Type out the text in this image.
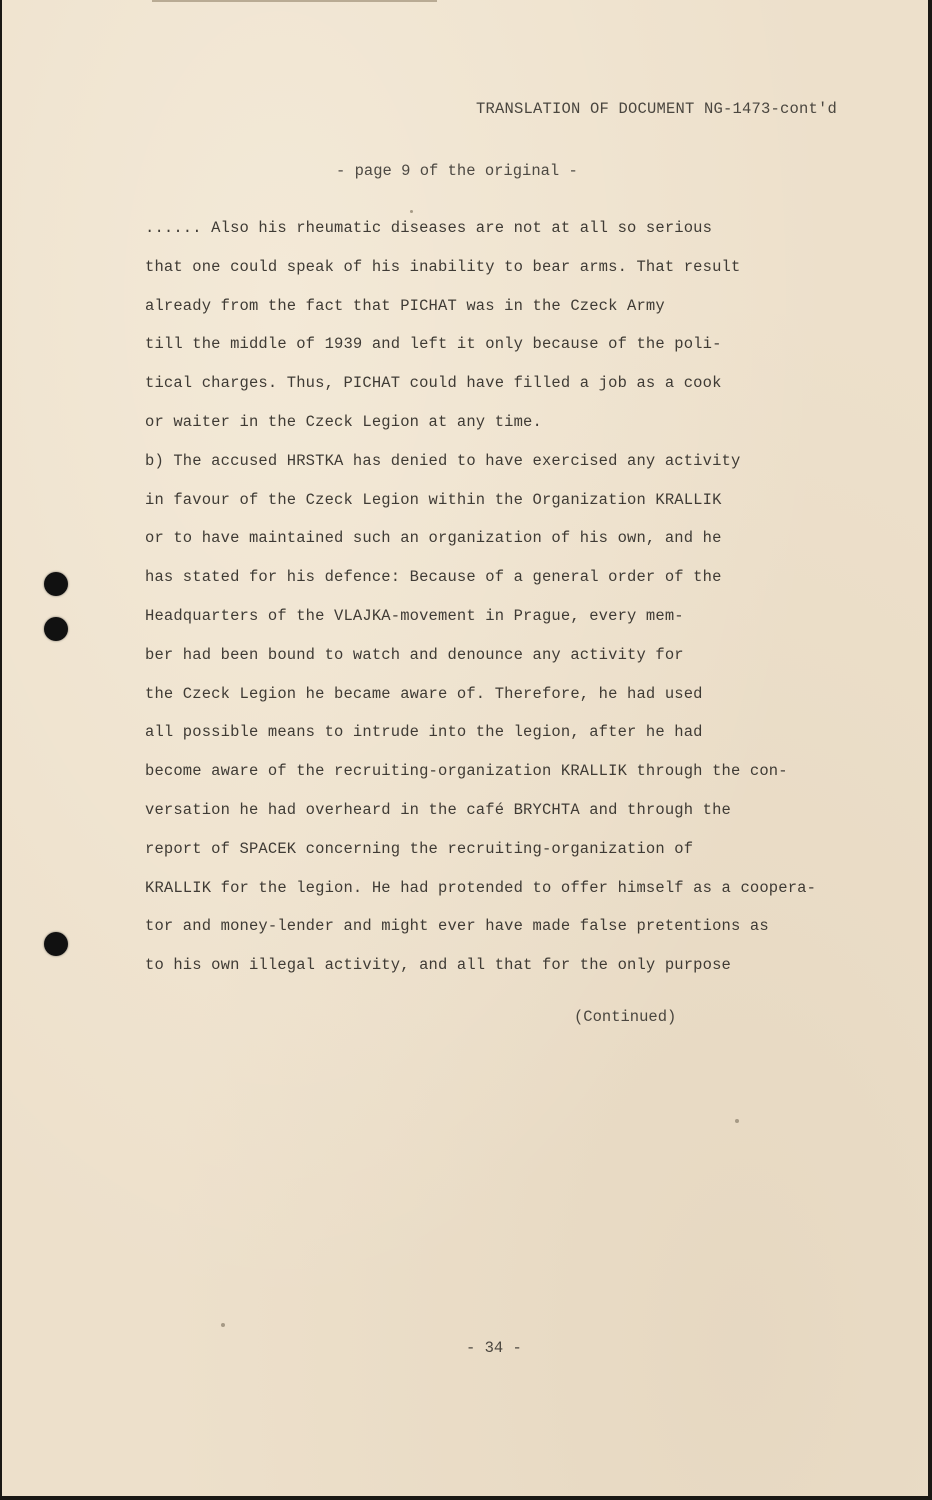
TRANSLATION OF DOCUMENT NG-1473-cont'd
- page 9 of the original -
...... Also his rheumatic diseases are not at all so serious
that one could speak of his inability to bear arms. That result
already from the fact that PICHAT was in the Czeck Army
till the middle of 1939 and left it only because of the poli-
tical charges. Thus, PICHAT could have filled a job as a cook
or waiter in the Czeck Legion at any time.
b) The accused HRSTKA has denied to have exercised any activity
in favour of the Czeck Legion within the Organization KRALLIK
or to have maintained such an organization of his own, and he
has stated for his defence: Because of a general order of the
Headquarters of the VLAJKA-movement in Prague, every mem-
ber had been bound to watch and denounce any activity for
the Czeck Legion he became aware of. Therefore, he had used
all possible means to intrude into the legion, after he had
become aware of the recruiting-organization KRALLIK through the con-
versation he had overheard in the café BRYCHTA and through the
report of SPACEK concerning the recruiting-organization of
KRALLIK for the legion. He had protended to offer himself as a coopera-
tor and money-lender and might ever have made false pretentions as
to his own illegal activity, and all that for the only purpose
(Continued)
- 34 -
